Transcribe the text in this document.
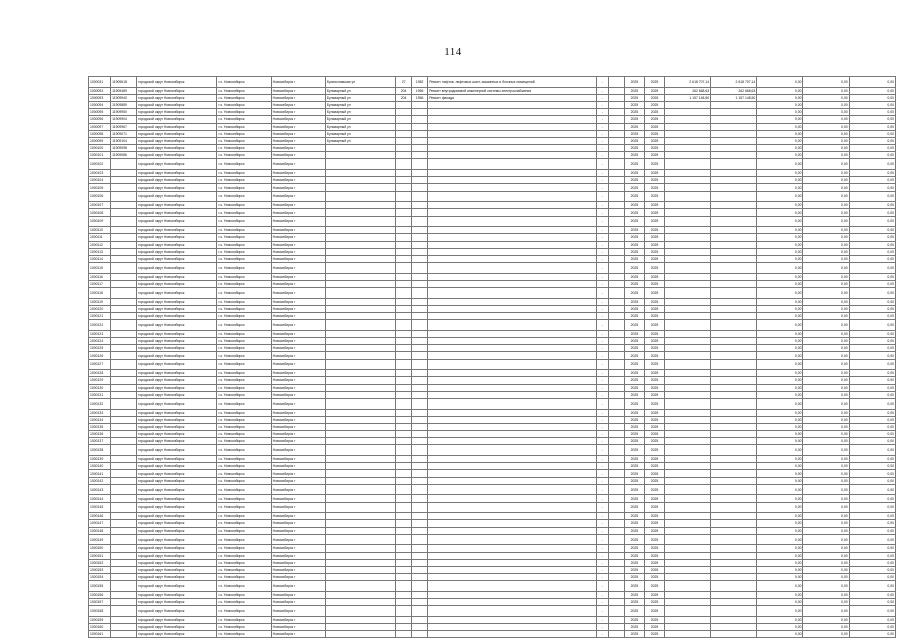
114
1000031	11909618	городской округ Новосибирск	г.о. Новосибирск	Новосибирск г	Братиславская ул	27	1982	Ремонт лифтов, лифтовых шахт, машинных и блочных помещений	-		2025	2025	2 618 707,14	2 618 707,14	0,00	0,00	0,00
1000092	11909489	городской округ Новосибирск	г.о. Новосибирск	Новосибирск г	Бульварный ул	204	1956	Ремонт внутридомовой инженерной системы электроснабжения	-		2025	2025	262 668,63	262 668,63	0,00	0,00	0,00
1000093	11909940	городской округ Новосибирск	г.о. Новосибирск	Новосибирск г	Бульварный ул	204	1956	Ремонт фасада	-		2025	2025	1 157 148,50	1 157 148,50	0,00	0,00	0,00
1000094	11909889	городской округ Новосибирск	г.о. Новосибирск	Новосибирск г	Бульварный ул				-		2025	2025			0,00	0,00	0,00
1000095	11909950	городской округ Новосибирск	г.о. Новосибирск	Новосибирск г	Бульварный ул				-		2025	2025			0,00	0,00	0,00
1000096	11909904	городской округ Новосибирск	г.о. Новосибирск	Новосибирск г	Бульварный ул				-		2025	2025			0,00	0,00	0,00
1000097	11909967	городской округ Новосибирск	г.о. Новосибирск	Новосибирск г	Бульварный ул				-		2025	2025			0,00	0,00	0,00
1000098	11909071	городской округ Новосибирск	г.о. Новосибирск	Новосибирск г	Бульварный ул				-		2025	2025			0,00	0,00	0,00
1000099	11909104	городской округ Новосибирск	г.о. Новосибирск	Новосибирск г	Бульварный ул				-		2025	2025			0,00	0,00	0,00
1000100	11909098	городской округ Новосибирск	г.о. Новосибирск	Новосибирск г					-		2025	2025			0,00	0,00	0,00
1000101	11909086	городской округ Новосибирск	г.о. Новосибирск	Новосибирск г					-		2025	2025			0,00	0,00	0,00
1000102		городской округ Новосибирск	г.о. Новосибирск	Новосибирск г					-		2025	2025			0,00	0,00	0,00
1000103		городской округ Новосибирск	г.о. Новосибирск	Новосибирск г					-		2025	2025			0,00	0,00	0,00
1000104		городской округ Новосибирск	г.о. Новосибирск	Новосибирск г					-		2025	2025			0,00	0,00	0,00
1000105		городской округ Новосибирск	г.о. Новосибирск	Новосибирск г					-		2025	2025			0,00	0,00	0,00
1000106		городской округ Новосибирск	г.о. Новосибирск	Новосибирск г					-		2025	2025			0,00	0,00	0,00
1000107		городской округ Новосибирск	г.о. Новосибирск	Новосибирск г					-		2025	2025			0,00	0,00	0,00
1000108		городской округ Новосибирск	г.о. Новосибирск	Новосибирск г					-		2025	2025			0,00	0,00	0,00
1000109		городской округ Новосибирск	г.о. Новосибирск	Новосибирск г					-		2025	2025			0,00	0,00	0,00
1000110		городской округ Новосибирск	г.о. Новосибирск	Новосибирск г					-		2025	2025			0,00	0,00	0,00
1000111		городской округ Новосибирск	г.о. Новосибирск	Новосибирск г					-		2025	2025			0,00	0,00	0,00
1000112		городской округ Новосибирск	г.о. Новосибирск	Новосибирск г					-		2025	2025			0,00	0,00	0,00
1000113		городской округ Новосибирск	г.о. Новосибирск	Новосибирск г					-		2025	2025			0,00	0,00	0,00
1000114		городской округ Новосибирск	г.о. Новосибирск	Новосибирск г					-		2025	2025			0,00	0,00	0,00
1000115		городской округ Новосибирск	г.о. Новосибирск	Новосибирск г					-		2025	2025			0,00	0,00	0,00
1000116		городской округ Новосибирск	г.о. Новосибирск	Новосибирск г					-		2025	2025			0,00	0,00	0,00
1000117		городской округ Новосибирск	г.о. Новосибирск	Новосибирск г					-		2025	2025			0,00	0,00	0,00
1000118		городской округ Новосибирск	г.о. Новосибирск	Новосибирск г					-		2025	2025			0,00	0,00	0,00
1000119		городской округ Новосибирск	г.о. Новосибирск	Новосибирск г					-		2025	2025			0,00	0,00	0,00
1000120		городской округ Новосибирск	г.о. Новосибирск	Новосибирск г					-		2025	2025			0,00	0,00	0,00
1000121		городской округ Новосибирск	г.о. Новосибирск	Новосибирск г					-		2025	2025			0,00	0,00	0,00
1000122		городской округ Новосибирск	г.о. Новосибирск	Новосибирск г					-		2025	2025			0,00	0,00	0,00
1000123		городской округ Новосибирск	г.о. Новосибирск	Новосибирск г					-		2025	2025			0,00	0,00	0,00
1000124		городской округ Новосибирск	г.о. Новосибирск	Новосибирск г					-		2025	2025			0,00	0,00	0,00
1000125		городской округ Новосибирск	г.о. Новосибирск	Новосибирск г					-		2025	2025			0,00	0,00	0,00
1000126		городской округ Новосибирск	г.о. Новосибирск	Новосибирск г					-		2025	2025			0,00	0,00	0,00
1000127		городской округ Новосибирск	г.о. Новосибирск	Новосибирск г					-		2025	2025			0,00	0,00	0,00
1000128		городской округ Новосибирск	г.о. Новосибирск	Новосибирск г					-		2025	2025			0,00	0,00	0,00
1000129		городской округ Новосибирск	г.о. Новосибирск	Новосибирск г					-		2025	2025			0,00	0,00	0,00
1000130		городской округ Новосибирск	г.о. Новосибирск	Новосибирск г					-		2025	2025			0,00	0,00	0,00
1000131		городской округ Новосибирск	г.о. Новосибирск	Новосибирск г					-		2025	2025			0,00	0,00	0,00
1000132		городской округ Новосибирск	г.о. Новосибирск	Новосибирск г					-		2025	2025			0,00	0,00	0,00
1000133		городской округ Новосибирск	г.о. Новосибирск	Новосибирск г					-		2025	2025			0,00	0,00	0,00
1000134		городской округ Новосибирск	г.о. Новосибирск	Новосибирск г					-		2025	2025			0,00	0,00	0,00
1000135		городской округ Новосибирск	г.о. Новосибирск	Новосибирск г					-		2025	2025			0,00	0,00	0,00
1000136		городской округ Новосибирск	г.о. Новосибирск	Новосибирск г					-		2025	2025			0,00	0,00	0,00
1000137		городской округ Новосибирск	г.о. Новосибирск	Новосибирск г					-		2025	2025			0,00	0,00	0,00
1000138		городской округ Новосибирск	г.о. Новосибирск	Новосибирск г					-		2025	2025			0,00	0,00	0,00
1000139		городской округ Новосибирск	г.о. Новосибирск	Новосибирск г					-		2025	2025			0,00	0,00	0,00
1000140		городской округ Новосибирск	г.о. Новосибирск	Новосибирск г					-		2025	2025			0,00	0,00	0,00
1000141		городской округ Новосибирск	г.о. Новосибирск	Новосибирск г					-		2025	2025			0,00	0,00	0,00
1000142		городской округ Новосибирск	г.о. Новосибирск	Новосибирск г					-		2025	2025			0,00	0,00	0,00
1000143		городской округ Новосибирск	г.о. Новосибирск	Новосибирск г					-		2025	2025			0,00	0,00	0,00
1000144		городской округ Новосибирск	г.о. Новосибирск	Новосибирск г					-		2025	2025			0,00	0,00	0,00
1000145		городской округ Новосибирск	г.о. Новосибирск	Новосибирск г					-		2025	2025			0,00	0,00	0,00
1000146		городской округ Новосибирск	г.о. Новосибирск	Новосибирск г					-		2025	2025			0,00	0,00	0,00
1000147		городской округ Новосибирск	г.о. Новосибирск	Новосибирск г					-		2025	2025			0,00	0,00	0,00
1000148		городской округ Новосибирск	г.о. Новосибирск	Новосибирск г					-		2025	2025			0,00	0,00	0,00
1000149		городской округ Новосибирск	г.о. Новосибирск	Новосибирск г					-		2025	2025			0,00	0,00	0,00
1000150		городской округ Новосибирск	г.о. Новосибирск	Новосибирск г					-		2025	2025			0,00	0,00	0,00
1000151		городской округ Новосибирск	г.о. Новосибирск	Новосибирск г					-		2025	2025			0,00	0,00	0,00
1000152		городской округ Новосибирск	г.о. Новосибирск	Новосибирск г					-		2025	2025			0,00	0,00	0,00
1000153		городской округ Новосибирск	г.о. Новосибирск	Новосибирск г					-		2025	2025			0,00	0,00	0,00
1000154		городской округ Новосибирск	г.о. Новосибирск	Новосибирск г					-		2025	2025			0,00	0,00	0,00
1000155		городской округ Новосибирск	г.о. Новосибирск	Новосибирск г					-		2025	2025			0,00	0,00	0,00
1000156		городской округ Новосибирск	г.о. Новосибирск	Новосибирск г					-		2025	2025			0,00	0,00	0,00
1000157		городской округ Новосибирск	г.о. Новосибирск	Новосибирск г					-		2025	2025			0,00	0,00	0,00
1000158		городской округ Новосибирск	г.о. Новосибирск	Новосибирск г					-		2025	2025			0,00	0,00	0,00
1000159		городской округ Новосибирск	г.о. Новосибирск	Новосибирск г					-		2025	2025			0,00	0,00	0,00
1000160		городской округ Новосибирск	г.о. Новосибирск	Новосибирск г					-		2025	2025			0,00	0,00	0,00
1000161		городской округ Новосибирск	г.о. Новосибирск	Новосибирск г					-		2025	2025			0,00	0,00	0,00
